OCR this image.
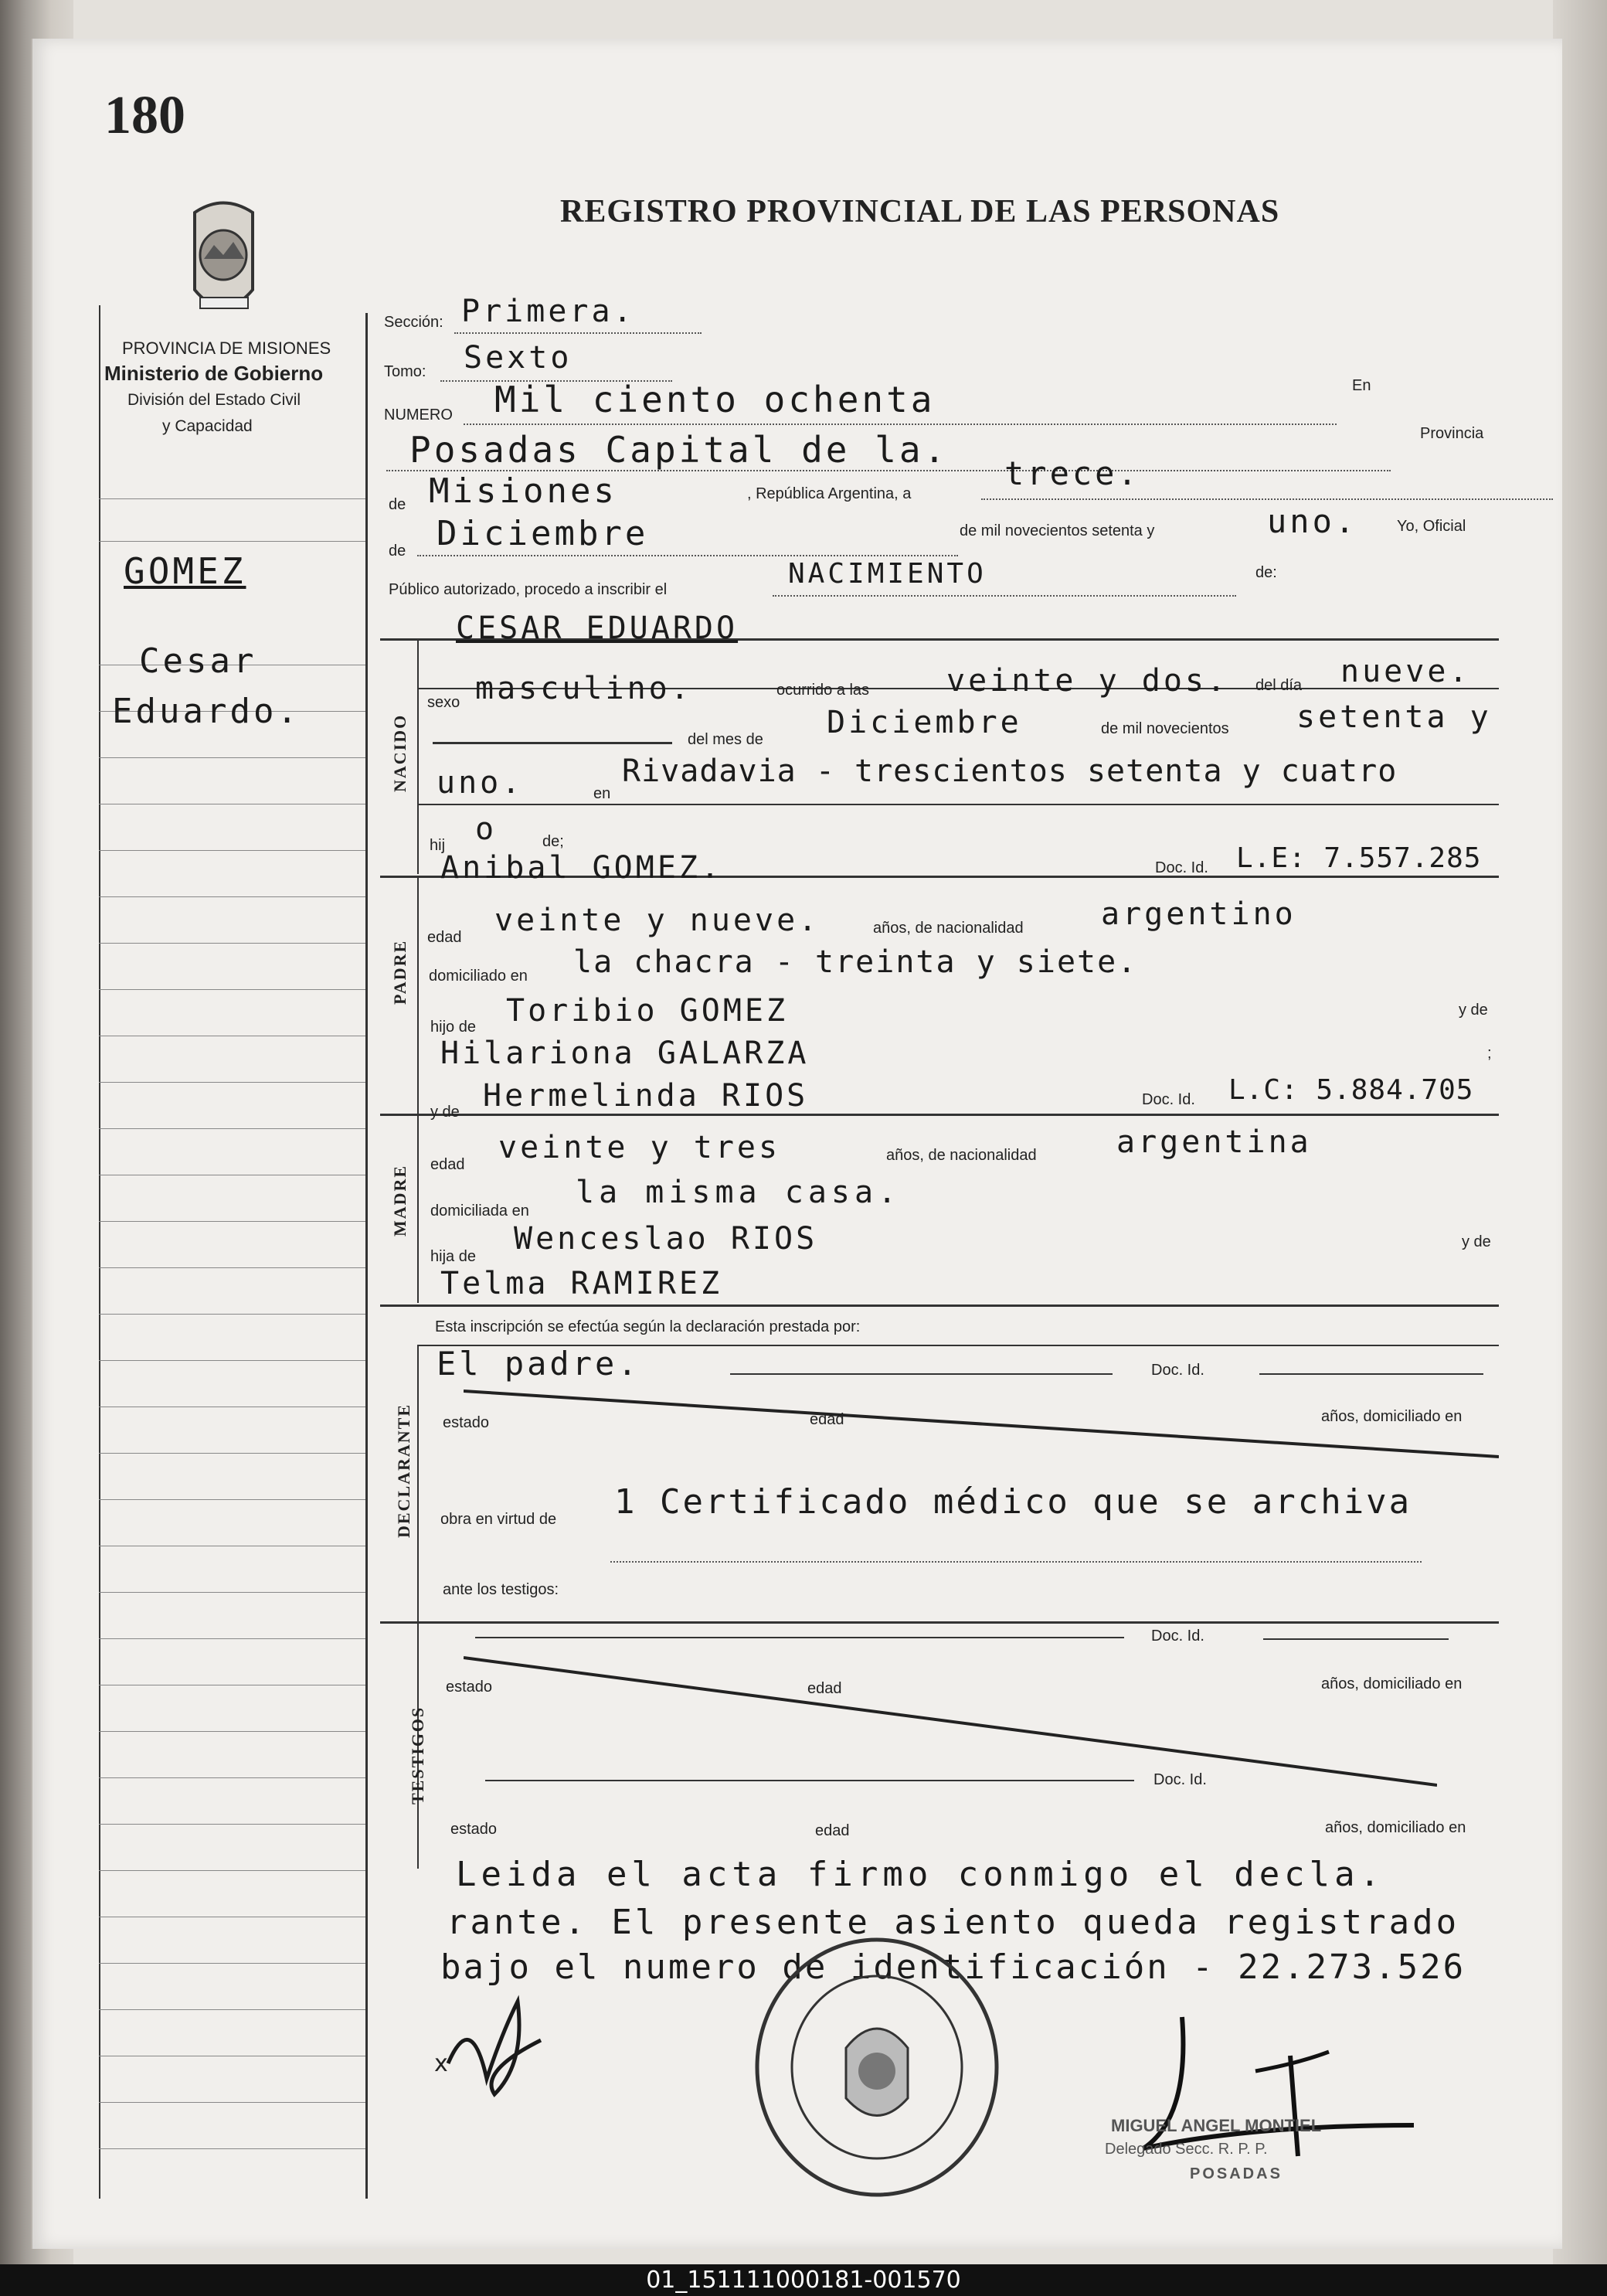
180
REGISTRO PROVINCIAL DE LAS PERSONAS
PROVINCIA DE MISIONES
Ministerio de Gobierno
División del Estado Civil
y Capacidad
GOMEZ
Cesar
Eduardo.
Sección: Primera.
Tomo: Sexto
NUMERO Mil ciento ochenta	En
Posadas Capital de la.	Provincia
de Misiones	, República Argentina, a
trece.
de Diciembre	de mil novecientos setenta y	uno.	Yo, Oficial
Público autorizado, procedo a inscribir el	NACIMIENTO	de:
NACIDO
CESAR EDUARDO
sexo masculino.	ocurrido a las veinte y dos. del día nueve.
del mes de Diciembre	de mil novecientos setenta y
uno.	en
Rivadavia - trescientos setenta y cuatro
hij o	de;
PADRE
Anibal GOMEZ.	Doc. Id. L.E: 7.557.285
edad veinte y nueve.	años, de nacionalidad	argentino
domiciliado en la chacra - treinta y siete.
hijo de Toribio GOMEZ	y de
Hilariona GALARZA	;
MADRE
y de Hermelinda RIOS	Doc. Id. L.C: 5.884.705
edad veinte y tres	años, de nacionalidad	argentina
domiciliada en
la misma casa.
hija de Wenceslao RIOS	y de
Telma RAMIREZ
Esta inscripción se efectúa según la declaración prestada por:
DECLARANTE
El padre.	Doc. Id.
estado	edad	años, domiciliado en
obra en virtud de 1 Certificado médico que se archiva
ante los testigos:
TESTIGOS
Doc. Id.
estado	edad	años, domiciliado en
Doc. Id.
estado	edad	años, domiciliado en
Leida el acta firmo conmigo el decla.
rante. El presente asiento queda registrado
bajo el numero de identificación - 22.273.526
x
MIGUEL ANGEL MONTIEL
Delegado Secc. R. P. P.
POSADAS
01_151111000181-001570
